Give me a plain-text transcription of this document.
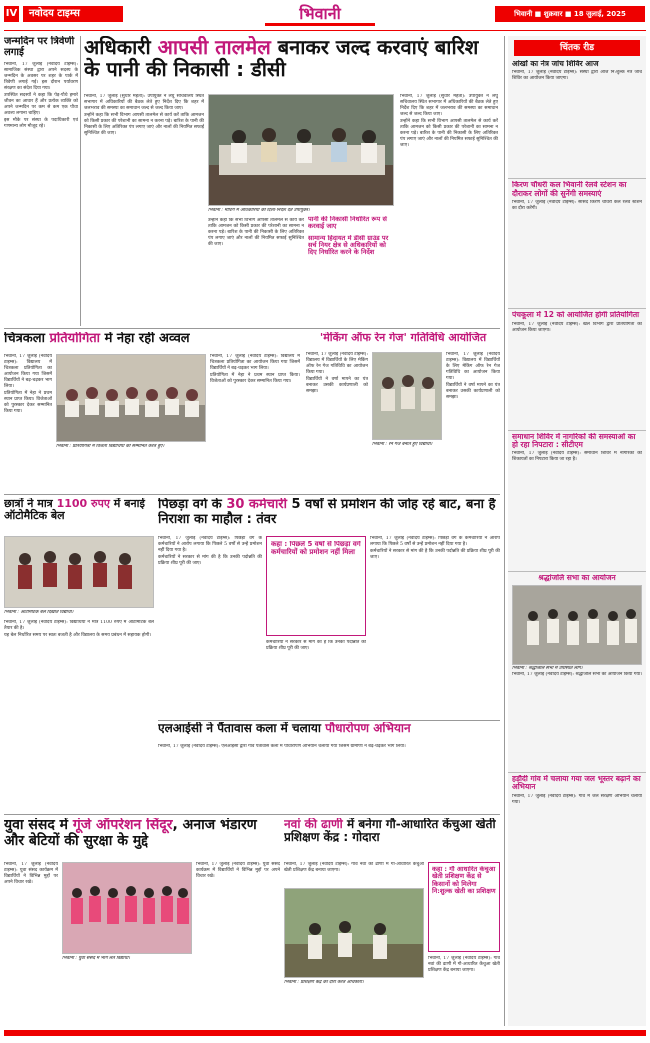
IV	नवोदय टाइम्स	भिवानी	भिवानी ■ शुक्रवार ■ 18 जुलाई, 2025
जन्मदिन पर त्रिवेणी लगाई

भिवानी, 17 जुलाई (नवोदय टाइम्स): सामाजिक संस्था द्वारा अपने सदस्य के जन्मदिन के अवसर पर शहर के पार्क में त्रिवेणी लगाई गई। इस दौरान पर्यावरण संरक्षण का संदेश दिया गया।

उपस्थित सदस्यों ने कहा कि पेड़-पौधे हमारे जीवन का आधार हैं और प्रत्येक व्यक्ति को अपने जन्मदिन पर कम से कम एक पौधा अवश्य लगाना चाहिए।

इस मौके पर संस्था के पदाधिकारी एवं गणमान्य लोग मौजूद रहे।

अधिकारी आपसी तालमेल बनाकर जल्द करवाएं बारिश के पानी की निकासी : डीसी

भिवानी, 17 जुलाई (सुधीर मेहता): उपायुक्त ने लघु सचिवालय स्थित सभागार में अधिकारियों की बैठक लेते हुए निर्देश दिए कि शहर में जलभराव की समस्या का समाधान जल्द से जल्द किया जाए।

उन्होंने कहा कि सभी विभाग आपसी तालमेल से कार्य करें ताकि आमजन को किसी प्रकार की परेशानी का सामना न करना पड़े। बारिश के पानी की निकासी के लिए अतिरिक्त पंप लगाए जाएं और नालों की नियमित सफाई सुनिश्चित की जाए।

भिवानी : मीटिंग में अधिकारियों को दिशा-निर्देश देते उपायुक्त।
पानी की निकासी निर्धारित रूप से करवाई जाए
सामान्य हिदायत में डीसी ग्राउंड पर सर्च नियर क्षेत्र से अधिकारियों को दिए निर्धारित करने के निर्देश

उन्होंने कहा कि सभी विभाग आपसी तालमेल से कार्य करें ताकि आमजन को किसी प्रकार की परेशानी का सामना न करना पड़े। बारिश के पानी की निकासी के लिए अतिरिक्त पंप लगाए जाएं और नालों की नियमित सफाई सुनिश्चित की जाए।

भिवानी, 17 जुलाई (सुधीर मेहता): उपायुक्त ने लघु सचिवालय स्थित सभागार में अधिकारियों की बैठक लेते हुए निर्देश दिए कि शहर में जलभराव की समस्या का समाधान जल्द से जल्द किया जाए।

उन्होंने कहा कि सभी विभाग आपसी तालमेल से कार्य करें ताकि आमजन को किसी प्रकार की परेशानी का सामना न करना पड़े। बारिश के पानी की निकासी के लिए अतिरिक्त पंप लगाए जाएं और नालों की नियमित सफाई सुनिश्चित की जाए।

चित्रकला प्रतियोगिता में नेहा रही अव्वल

भिवानी, 17 जुलाई (नवोदय टाइम्स): विद्यालय में चित्रकला प्रतियोगिता का आयोजन किया गया जिसमें विद्यार्थियों ने बढ़-चढ़कर भाग लिया।

प्रतियोगिता में नेहा ने प्रथम स्थान प्राप्त किया। विजेताओं को पुरस्कार देकर सम्मानित किया गया।

भिवानी : प्रतियोगिता में विजेता विद्यार्थियों को सम्मानित करते हुए।

भिवानी, 17 जुलाई (नवोदय टाइम्स): विद्यालय में चित्रकला प्रतियोगिता का आयोजन किया गया जिसमें विद्यार्थियों ने बढ़-चढ़कर भाग लिया।

प्रतियोगिता में नेहा ने प्रथम स्थान प्राप्त किया। विजेताओं को पुरस्कार देकर सम्मानित किया गया।

'मेकिंग ऑफ रेन गेज' गतिविधि आयोजित

भिवानी, 17 जुलाई (नवोदय टाइम्स): विद्यालय में विद्यार्थियों के लिए मेकिंग ऑफ रेन गेज गतिविधि का आयोजन किया गया।

विद्यार्थियों ने वर्षा मापने का यंत्र बनाकर उसकी कार्यप्रणाली को समझा।

भिवानी : रेन गेज बनाते हुए विद्यार्थी।

भिवानी, 17 जुलाई (नवोदय टाइम्स): विद्यालय में विद्यार्थियों के लिए मेकिंग ऑफ रेन गेज गतिविधि का आयोजन किया गया।

विद्यार्थियों ने वर्षा मापने का यंत्र बनाकर उसकी कार्यप्रणाली को समझा।

छात्रों ने मात्र 1100 रुपए में बनाई ऑटोमैटिक बेल
भिवानी : ऑटोमैटिक बेल दिखाते विद्यार्थी।

भिवानी, 17 जुलाई (नवोदय टाइम्स): विद्यार्थियों ने मात्र 1100 रुपए में ऑटोमैटिक बेल तैयार की है।

यह बेल निर्धारित समय पर स्वतः बजती है और विद्यालय के समय प्रबंधन में सहायक होगी।

पिछड़ा वर्ग के 30 कर्मचारी 5 वर्षों से प्रमोशन की जोह रहे बाट, बना है निराशा का माहौल : तंवर

भिवानी, 17 जुलाई (नवोदय टाइम्स): पिछड़ा वर्ग के कर्मचारियों ने आरोप लगाया कि पिछले 5 वर्षों से उन्हें प्रमोशन नहीं दिया गया है।

कर्मचारियों ने सरकार से मांग की है कि उनकी पदोन्नति की प्रक्रिया शीघ्र पूरी की जाए।

कहा : पिछले 5 वर्षों से पिछड़ा वर्ग कर्मचारियों को प्रमोशन नहीं मिला

कर्मचारियों ने सरकार से मांग की है कि उनकी पदोन्नति की प्रक्रिया शीघ्र पूरी की जाए।

भिवानी, 17 जुलाई (नवोदय टाइम्स): पिछड़ा वर्ग के कर्मचारियों ने आरोप लगाया कि पिछले 5 वर्षों से उन्हें प्रमोशन नहीं दिया गया है।

कर्मचारियों ने सरकार से मांग की है कि उनकी पदोन्नति की प्रक्रिया शीघ्र पूरी की जाए।

एलआईसी ने पैंतावास कला में चलाया पौधारोपण अभियान

भिवानी, 17 जुलाई (नवोदय टाइम्स): एलआईसी द्वारा गांव पैंतावास कला में पौधारोपण अभियान चलाया गया जिसमें ग्रामीणों ने बढ़-चढ़कर भाग लिया।

युवा संसद में गूंजे ऑपरेशन सिंदूर, अनाज भंडारण और बेटियों की सुरक्षा के मुद्दे

भिवानी, 17 जुलाई (नवोदय टाइम्स): युवा संसद कार्यक्रम में विद्यार्थियों ने विभिन्न मुद्दों पर अपने विचार रखे।

भिवानी : युवा संसद में भाग लेते विद्यार्थी।

भिवानी, 17 जुलाई (नवोदय टाइम्स): युवा संसद कार्यक्रम में विद्यार्थियों ने विभिन्न मुद्दों पर अपने विचार रखे।

नवां की ढाणी में बनेगा गौ-आधारित केंचुआ खेती प्रशिक्षण केंद्र : गोदारा

भिवानी, 17 जुलाई (नवोदय टाइम्स): गांव नवां की ढाणी में गौ-आधारित केंचुआ खेती प्रशिक्षण केंद्र बनाया जाएगा।

भिवानी : प्रशिक्षण केंद्र का दौरा करते अधिकारी।
कहा : गौ आधारित केंचुआ खेती प्रशिक्षण केंद्र से किसानों को मिलेगा नि:शुल्क खेती का प्रशिक्षण

भिवानी, 17 जुलाई (नवोदय टाइम्स): गांव नवां की ढाणी में गौ-आधारित केंचुआ खेती प्रशिक्षण केंद्र बनाया जाएगा।

चिंतक रीड
आंखों का नेत्र जांच शिविर आज
भिवानी, 17 जुलाई (नवोदय टाइम्स): संस्था द्वारा आज नि:शुल्क नेत्र जांच शिविर का आयोजन किया जाएगा।
किरण चौधरी कल भिवानी रेलवे स्टेशन का दौराकर लोगों की सुनेंगी समस्याएं
भिवानी, 17 जुलाई (नवोदय टाइम्स): सांसद किरण चौधरी कल रेलवे स्टेशन का दौरा करेंगी।
पंचकूला में 12 को आयोजित होगी प्रतियोगिता
भिवानी, 17 जुलाई (नवोदय टाइम्स): खेल विभाग द्वारा प्रतियोगिता का आयोजन किया जाएगा।
समाधान शिविर में नागरिकों की समस्याओं का हो रहा निपटारा : सीटीएम
भिवानी, 17 जुलाई (नवोदय टाइम्स): समाधान शिविर में नागरिकों की शिकायतों का निपटारा किया जा रहा है।
श्रद्धांजलि सभा का आयोजन
भिवानी : श्रद्धांजलि सभा में उपस्थित लोग।
भिवानी, 17 जुलाई (नवोदय टाइम्स): श्रद्धांजलि सभा का आयोजन किया गया।
हड़ौदी गांव में चलाया गया जल भूस्तर बढ़ाने का अभियान
भिवानी, 17 जुलाई (नवोदय टाइम्स): गांव में जल संरक्षण अभियान चलाया गया।
